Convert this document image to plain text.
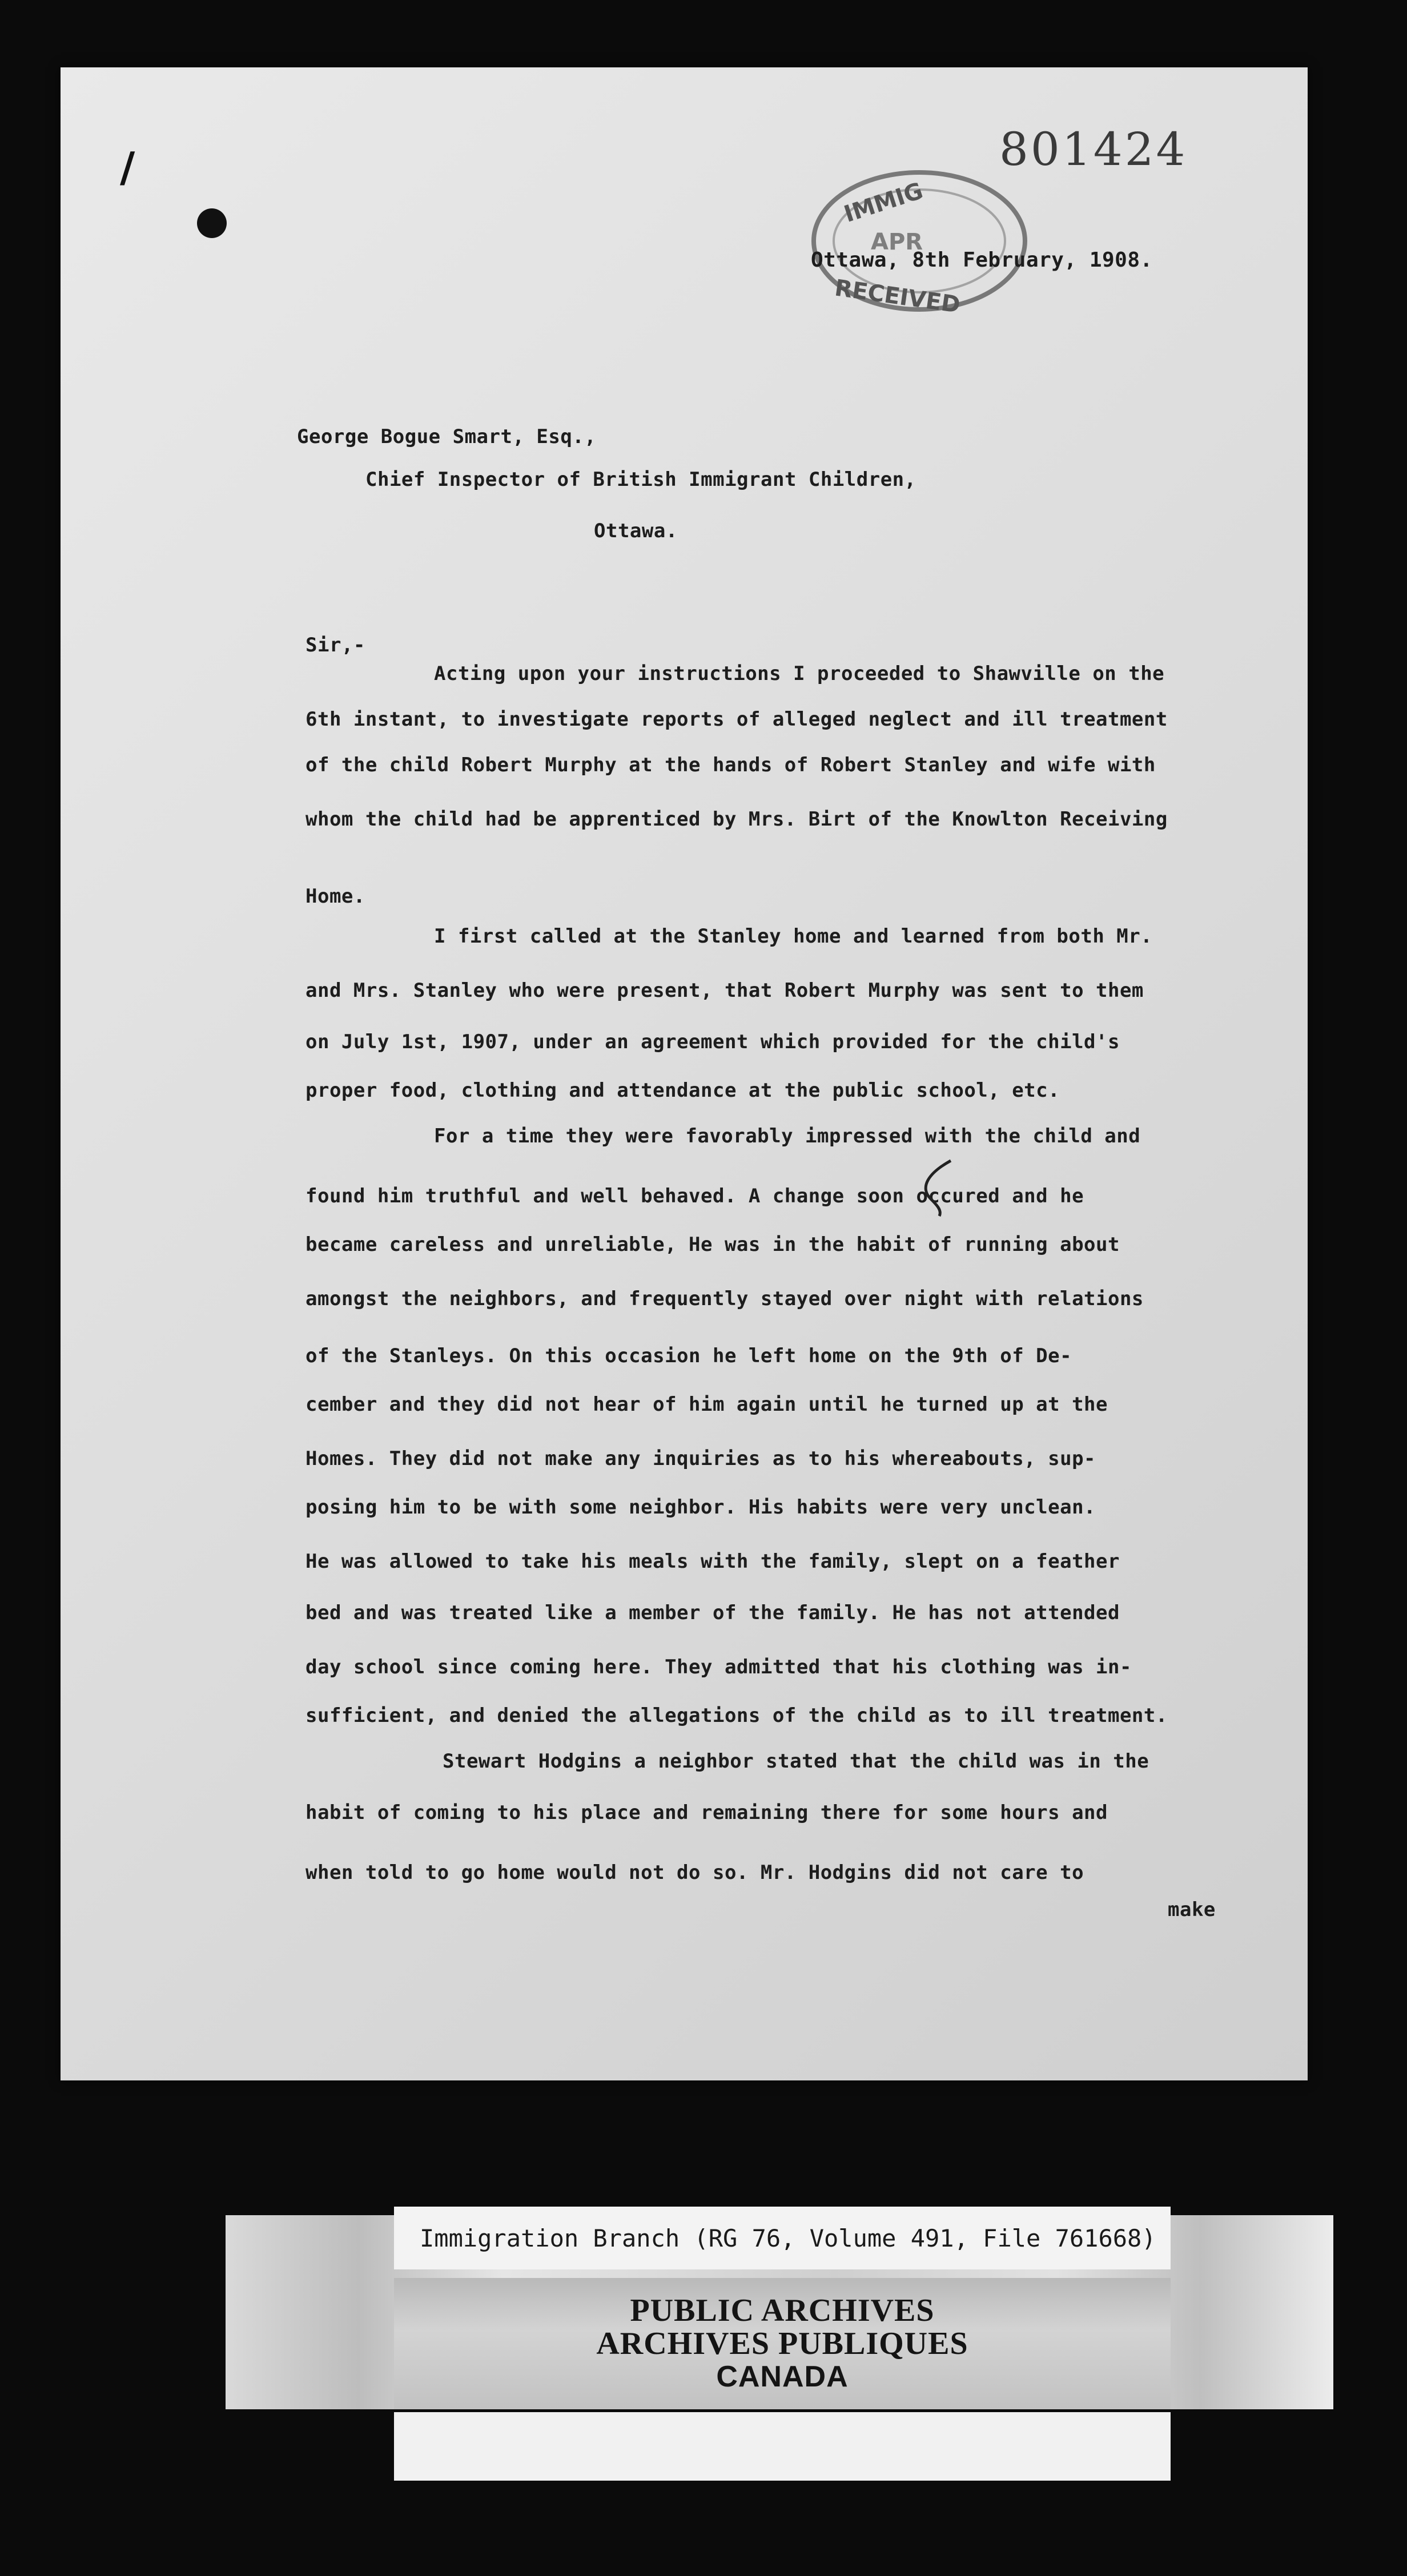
/	801424
IMMIG
APR
RECEIVED
Ottawa, 8th February, 1908.
George Bogue Smart, Esq.,
Chief Inspector of British Immigrant Children,
Ottawa.
Sir,-
Acting upon your instructions I proceeded to Shawville on the
6th instant, to investigate reports of alleged neglect and ill treatment
of the child Robert Murphy at the hands of Robert Stanley and wife with
whom the child had be apprenticed by Mrs. Birt of the Knowlton Receiving
Home.
I first called at the Stanley home and learned from both Mr.
and Mrs. Stanley who were present, that Robert Murphy was sent to them
on July 1st, 1907, under an agreement which provided for the child's
proper food, clothing and attendance at the public school, etc.
For a time they were favorably impressed with the child and
found him truthful and well behaved. A change soon occured and he
became careless and unreliable, He was in the habit of running about
amongst the neighbors, and frequently stayed over night with relations
of the Stanleys. On this occasion he left home on the 9th of De-
cember and they did not hear of him again until he turned up at the
Homes. They did not make any inquiries as to his whereabouts, sup-
posing him to be with some neighbor. His habits were very unclean.
He was allowed to take his meals with the family, slept on a feather
bed and was treated like a member of the family. He has not attended
day school since coming here. They admitted that his clothing was in-
sufficient, and denied the allegations of the child as to ill treatment.
Stewart Hodgins a neighbor stated that the child was in the
habit of coming to his place and remaining there for some hours and
when told to go home would not do so. Mr. Hodgins did not care to
make
Immigration Branch (RG 76, Volume 491, File 761668)
PUBLIC ARCHIVES
ARCHIVES PUBLIQUES
CANADA
